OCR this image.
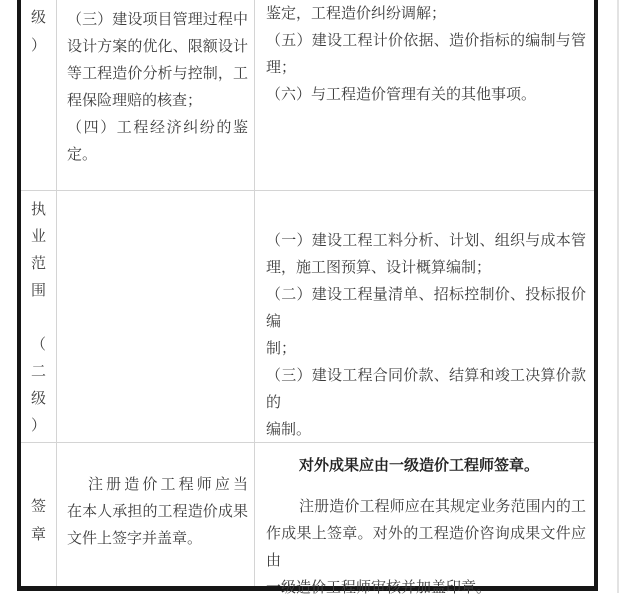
级
）
（三）建设项目管理过程中
设计方案的优化、限额设计
等工程造价分析与控制，工
程保险理赔的核查；
（四）工程经济纠纷的鉴
定。
鉴定，工程造价纠纷调解；
（五）建设工程计价依据、造价指标的编制与管
理；
（六）与工程造价管理有关的其他事项。
执
业
范
围
（
二
级
）
（一）建设工程工料分析、计划、组织与成本管
理，施工图预算、设计概算编制；
（二）建设工程量清单、招标控制价、投标报价编
制；
（三）建设工程合同价款、结算和竣工决算价款的
编制。
签
章
注册造价工程师应当
在本人承担的工程造价成果
文件上签字并盖章。
对外成果应由一级造价工程师签章。
注册造价工程师应在其规定业务范围内的工
作成果上签章。对外的工程造价咨询成果文件应由
一级造价工程师审核并加盖印章。
